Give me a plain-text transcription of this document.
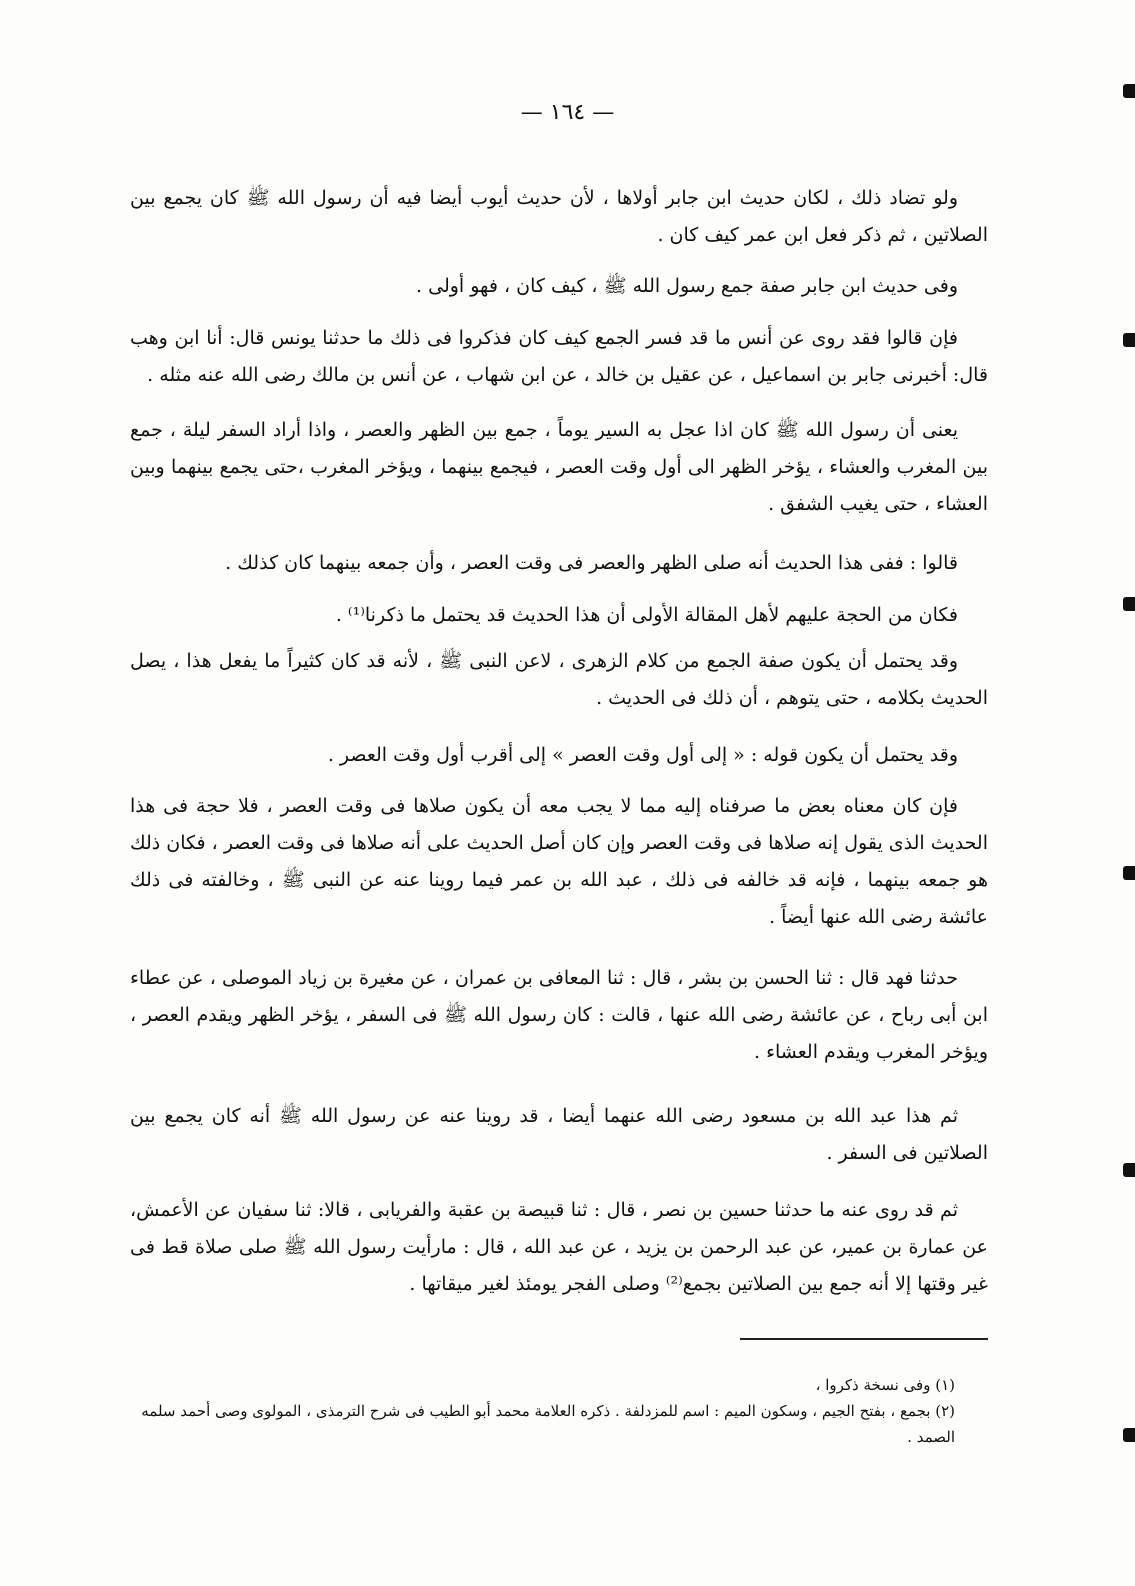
— ١٦٤ —
ولو تضاد ذلك ، لكان حديث ابن جابر أولاها ، لأن حديث أيوب أيضا فيه أن رسول الله ﷺ كان يجمع بين الصلاتين ، ثم ذكر فعل ابن عمر كيف كان .
وفى حديث ابن جابر صفة جمع رسول الله ﷺ ، كيف كان ، فهو أولى .
فإن قالوا فقد روى عن أنس ما قد فسر الجمع كيف كان فذكروا فى ذلك ما حدثنا يونس قال: أنا ابن وهب قال: أخبرنى جابر بن اسماعيل ، عن عقيل بن خالد ، عن ابن شهاب ، عن أنس بن مالك رضى الله عنه مثله .
يعنى أن رسول الله ﷺ كان اذا عجل به السير يوماً ، جمع بين الظهر والعصر ، واذا أراد السفر ليلة ، جمع بين المغرب والعشاء ، يؤخر الظهر الى أول وقت العصر ، فيجمع بينهما ، ويؤخر المغرب ،حتى يجمع بينهما وبين العشاء ، حتى يغيب الشفق .
قالوا : ففى هذا الحديث أنه صلى الظهر والعصر فى وقت العصر ، وأن جمعه بينهما كان كذلك .
فكان من الحجة عليهم لأهل المقالة الأولى أن هذا الحديث قد يحتمل ما ذكرنا⁽¹⁾ .
وقد يحتمل أن يكون صفة الجمع من كلام الزهرى ، لاعن النبى ﷺ ، لأنه قد كان كثيراً ما يفعل هذا ، يصل الحديث بكلامه ، حتى يتوهم ، أن ذلك فى الحديث .
وقد يحتمل أن يكون قوله : « إلى أول وقت العصر » إلى أقرب أول وقت العصر .
فإن كان معناه بعض ما صرفناه إليه مما لا يجب معه أن يكون صلاها فى وقت العصر ، فلا حجة فى هذا الحديث الذى يقول إنه صلاها فى وقت العصر وإن كان أصل الحديث على أنه صلاها فى وقت العصر ، فكان ذلك هو جمعه بينهما ، فإنه قد خالفه فى ذلك ، عبد الله بن عمر فيما روينا عنه عن النبى ﷺ ، وخالفته فى ذلك عائشة رضى الله عنها أيضاً .
حدثنا فهد قال : ثنا الحسن بن بشر ، قال : ثنا المعافى بن عمران ، عن مغيرة بن زياد الموصلى ، عن عطاء ابن أبى رباح ، عن عائشة رضى الله عنها ، قالت : كان رسول الله ﷺ فى السفر ، يؤخر الظهر ويقدم العصر ، ويؤخر المغرب ويقدم العشاء .
ثم هذا عبد الله بن مسعود رضى الله عنهما أيضا ، قد روينا عنه عن رسول الله ﷺ أنه كان يجمع بين الصلاتين فى السفر .
ثم قد روى عنه ما حدثنا حسين بن نصر ، قال : ثنا قبيصة بن عقبة والفريابى ، قالا: ثنا سفيان عن الأعمش، عن عمارة بن عمير، عن عبد الرحمن بن يزيد ، عن عبد الله ، قال : مارأيت رسول الله ﷺ صلى صلاة قط فى غير وقتها إلا أنه جمع بين الصلاتين بجمع⁽²⁾ وصلى الفجر يومئذ لغير ميقاتها .
(١) وفى نسخة ذكروا ،
(٢) بجمع ، بفتح الجيم ، وسكون الميم : اسم للمزدلفة . ذكره العلامة محمد أبو الطيب فى شرح الترمذى ، المولوى وصى أحمد سلمه الصمد .
